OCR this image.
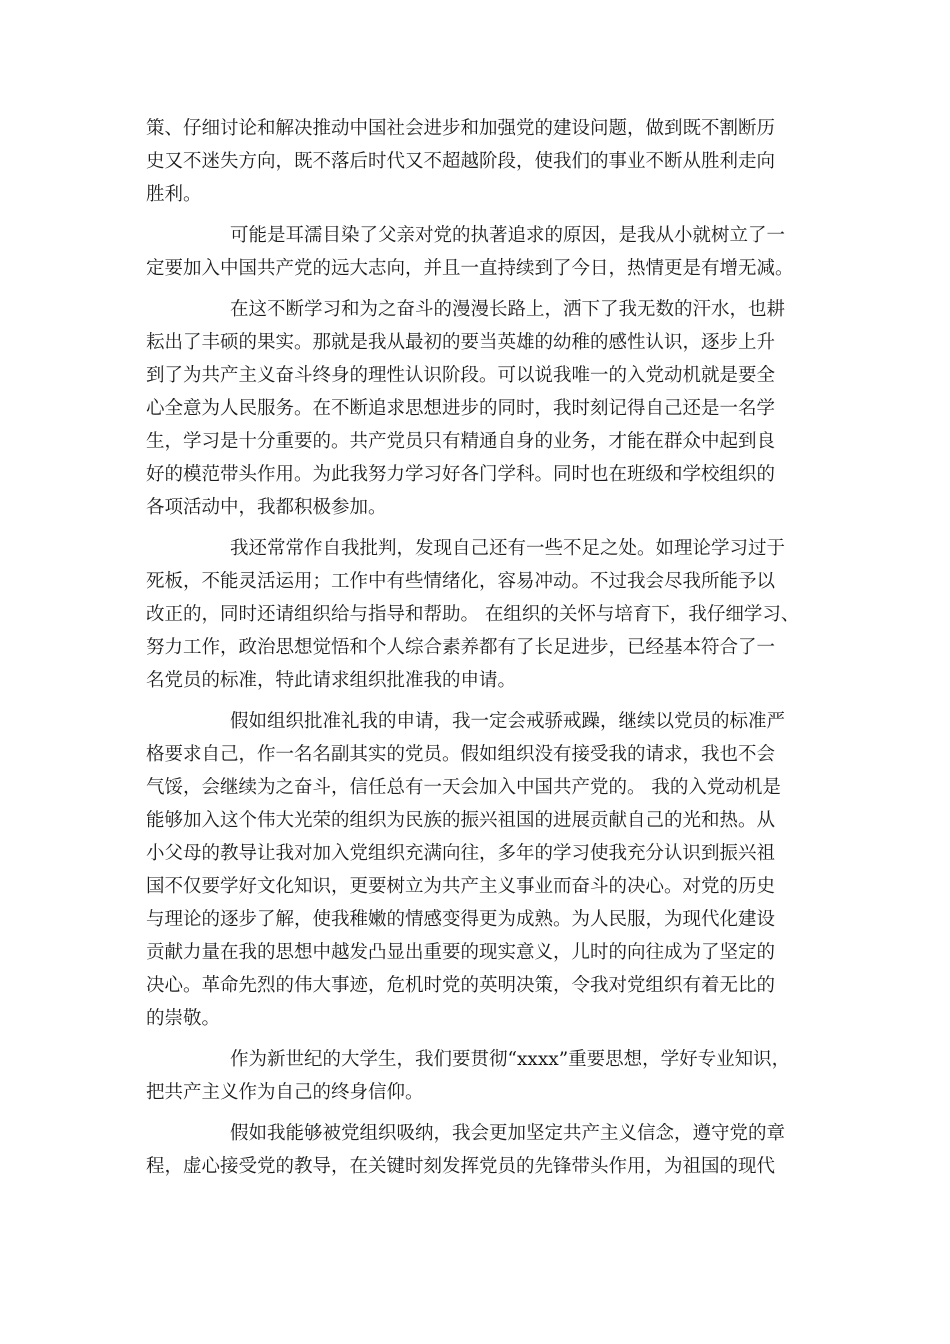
策、仔细讨论和解决推动中国社会进步和加强党的建设问题，做到既不割断历
史又不迷失方向，既不落后时代又不超越阶段，使我们的事业不断从胜利走向
胜利。
可能是耳濡目染了父亲对党的执著追求的原因，是我从小就树立了一
定要加入中国共产党的远大志向，并且一直持续到了今日，热情更是有增无减。
在这不断学习和为之奋斗的漫漫长路上，洒下了我无数的汗水，也耕
耘出了丰硕的果实。那就是我从最初的要当英雄的幼稚的感性认识，逐步上升
到了为共产主义奋斗终身的理性认识阶段。可以说我唯一的入党动机就是要全
心全意为人民服务。在不断追求思想进步的同时，我时刻记得自己还是一名学
生，学习是十分重要的。共产党员只有精通自身的业务，才能在群众中起到良
好的模范带头作用。为此我努力学习好各门学科。同时也在班级和学校组织的
各项活动中，我都积极参加。
我还常常作自我批判，发现自己还有一些不足之处。如理论学习过于
死板，不能灵活运用；工作中有些情绪化，容易冲动。不过我会尽我所能予以
改正的，同时还请组织给与指导和帮助。 在组织的关怀与培育下，我仔细学习、
努力工作，政治思想觉悟和个人综合素养都有了长足进步，已经基本符合了一
名党员的标准，特此请求组织批准我的申请。
假如组织批准礼我的申请，我一定会戒骄戒躁，继续以党员的标准严
格要求自己，作一名名副其实的党员。假如组织没有接受我的请求，我也不会
气馁，会继续为之奋斗，信任总有一天会加入中国共产党的。 我的入党动机是
能够加入这个伟大光荣的组织为民族的振兴祖国的进展贡献自己的光和热。从
小父母的教导让我对加入党组织充满向往，多年的学习使我充分认识到振兴祖
国不仅要学好文化知识，更要树立为共产主义事业而奋斗的决心。对党的历史
与理论的逐步了解，使我稚嫩的情感变得更为成熟。为人民服，为现代化建设
贡献力量在我的思想中越发凸显出重要的现实意义，儿时的向往成为了坚定的
决心。革命先烈的伟大事迹，危机时党的英明决策，令我对党组织有着无比的
的崇敬。
作为新世纪的大学生，我们要贯彻“xxxx”重要思想，学好专业知识，
把共产主义作为自己的终身信仰。
假如我能够被党组织吸纳，我会更加坚定共产主义信念，遵守党的章
程，虚心接受党的教导，在关键时刻发挥党员的先锋带头作用，为祖国的现代
